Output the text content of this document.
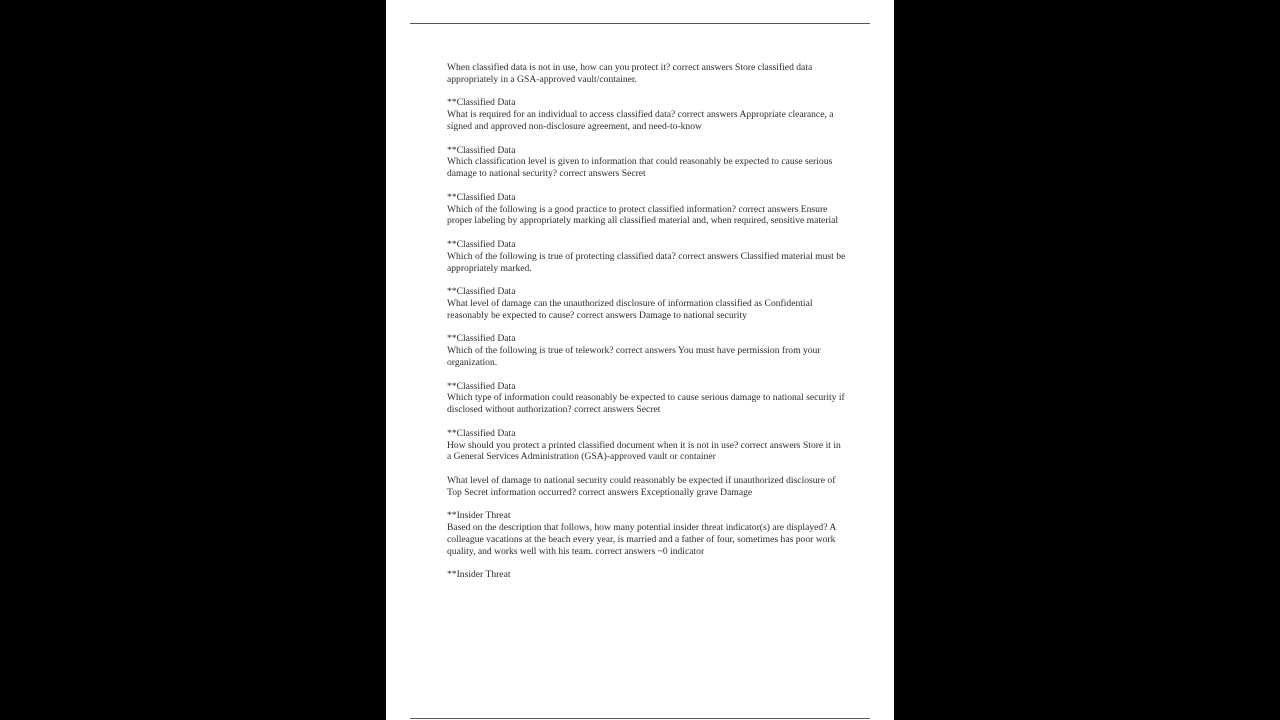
When classified data is not in use, how can you protect it? correct answers Store classified data appropriately in a GSA-approved vault/container.
**Classified Data
What is required for an individual to access classified data? correct answers Appropriate clearance, a signed and approved non-disclosure agreement, and need-to-know
**Classified Data
Which classification level is given to information that could reasonably be expected to cause serious damage to national security? correct answers Secret
**Classified Data
Which of the following is a good practice to protect classified information? correct answers Ensure proper labeling by appropriately marking all classified material and, when required, sensitive material
**Classified Data
Which of the following is true of protecting classified data? correct answers Classified material must be appropriately marked.
**Classified Data
What level of damage can the unauthorized disclosure of information classified as Confidential reasonably be expected to cause? correct answers Damage to national security
**Classified Data
Which of the following is true of telework? correct answers You must have permission from your organization.
**Classified Data
Which type of information could reasonably be expected to cause serious damage to national security if disclosed without authorization? correct answers Secret
**Classified Data
How should you protect a printed classified document when it is not in use? correct answers Store it in a General Services Administration (GSA)-approved vault or container
What level of damage to national security could reasonably be expected if unauthorized disclosure of Top Secret information occurred? correct answers Exceptionally grave Damage
**Insider Threat
Based on the description that follows, how many potential insider threat indicator(s) are displayed? A colleague vacations at the beach every year, is married and a father of four, sometimes has poor work quality, and works well with his team. correct answers ~0 indicator
**Insider Threat
